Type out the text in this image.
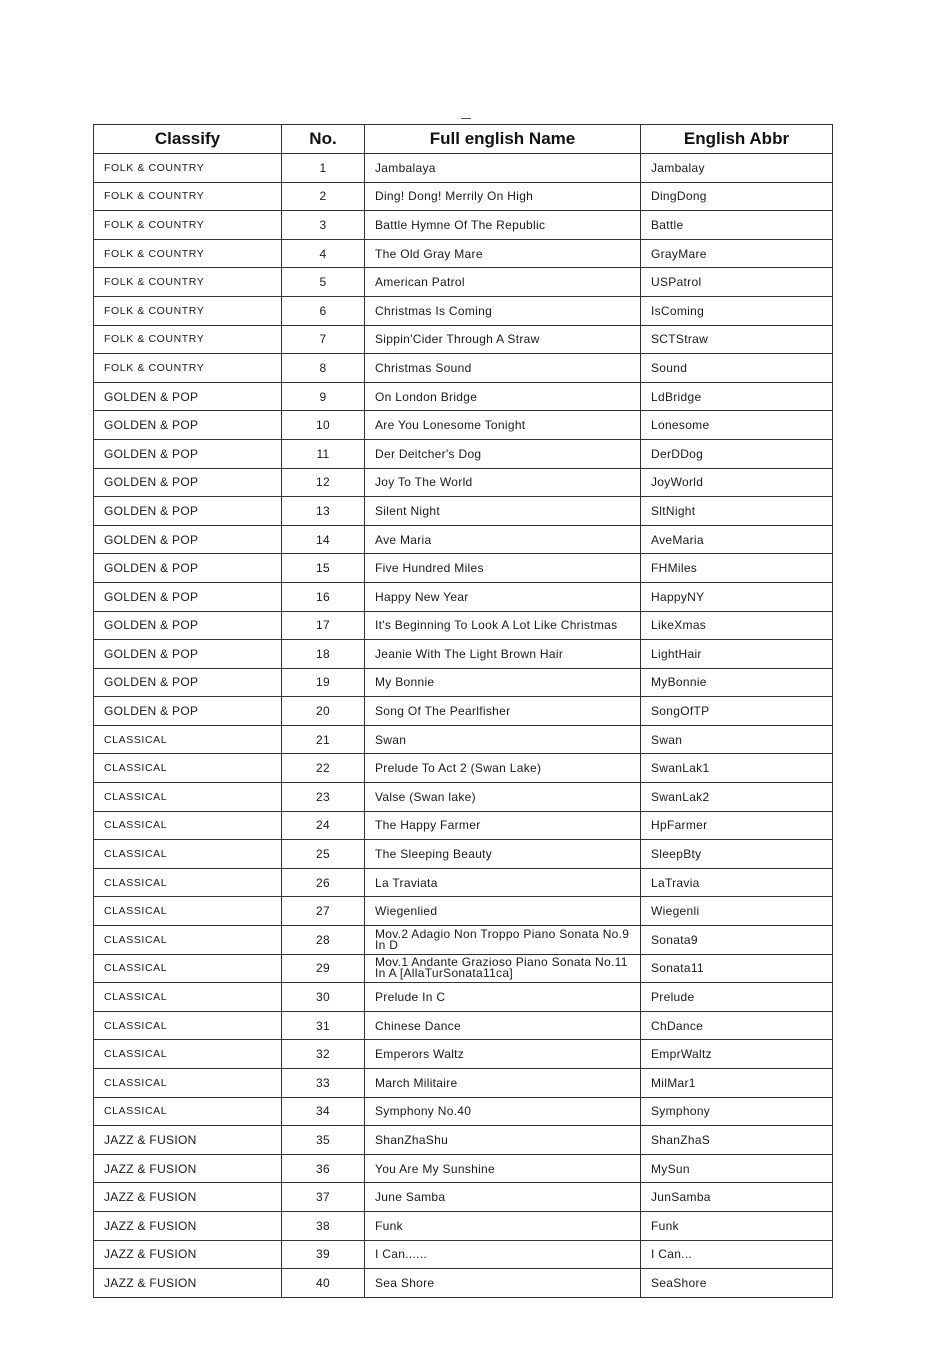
Classify	No.	Full english Name	English Abbr
FOLK & COUNTRY	1	Jambalaya	Jambalay
FOLK & COUNTRY	2	Ding! Dong! Merrily On High	DingDong
FOLK & COUNTRY	3	Battle Hymne Of The Republic	Battle
FOLK & COUNTRY	4	The Old Gray Mare	GrayMare
FOLK & COUNTRY	5	American Patrol	USPatrol
FOLK & COUNTRY	6	Christmas Is Coming	IsComing
FOLK & COUNTRY	7	Sippin'Cider Through A Straw	SCTStraw
FOLK & COUNTRY	8	Christmas Sound	Sound
GOLDEN & POP	9	On London Bridge	LdBridge
GOLDEN & POP	10	Are You Lonesome Tonight	Lonesome
GOLDEN & POP	11	Der Deitcher's Dog	DerDDog
GOLDEN & POP	12	Joy To The World	JoyWorld
GOLDEN & POP	13	Silent Night	SltNight
GOLDEN & POP	14	Ave Maria	AveMaria
GOLDEN & POP	15	Five Hundred Miles	FHMiles
GOLDEN & POP	16	Happy New Year	HappyNY
GOLDEN & POP	17	It's Beginning To Look A Lot Like Christmas	LikeXmas
GOLDEN & POP	18	Jeanie With The Light Brown Hair	LightHair
GOLDEN & POP	19	My Bonnie	MyBonnie
GOLDEN & POP	20	Song Of The Pearlfisher	SongOfTP
CLASSICAL	21	Swan	Swan
CLASSICAL	22	Prelude To Act 2 (Swan Lake)	SwanLak1
CLASSICAL	23	Valse (Swan lake)	SwanLak2
CLASSICAL	24	The Happy Farmer	HpFarmer
CLASSICAL	25	The Sleeping Beauty	SleepBty
CLASSICAL	26	La Traviata	LaTravia
CLASSICAL	27	Wiegenlied	Wiegenli
CLASSICAL	28	Mov.2 Adagio Non Troppo Piano Sonata No.9 In D	Sonata9
CLASSICAL	29	Mov.1 Andante Grazioso Piano Sonata No.11 In A [AllaTurSonata11ca]	Sonata11
CLASSICAL	30	Prelude In C	Prelude
CLASSICAL	31	Chinese Dance	ChDance
CLASSICAL	32	Emperors Waltz	EmprWaltz
CLASSICAL	33	March Militaire	MilMar1
CLASSICAL	34	Symphony No.40	Symphony
JAZZ & FUSION	35	ShanZhaShu	ShanZhaS
JAZZ & FUSION	36	You Are My Sunshine	MySun
JAZZ & FUSION	37	June Samba	JunSamba
JAZZ & FUSION	38	Funk	Funk
JAZZ & FUSION	39	I Can......	I Can...
JAZZ & FUSION	40	Sea Shore	SeaShore
